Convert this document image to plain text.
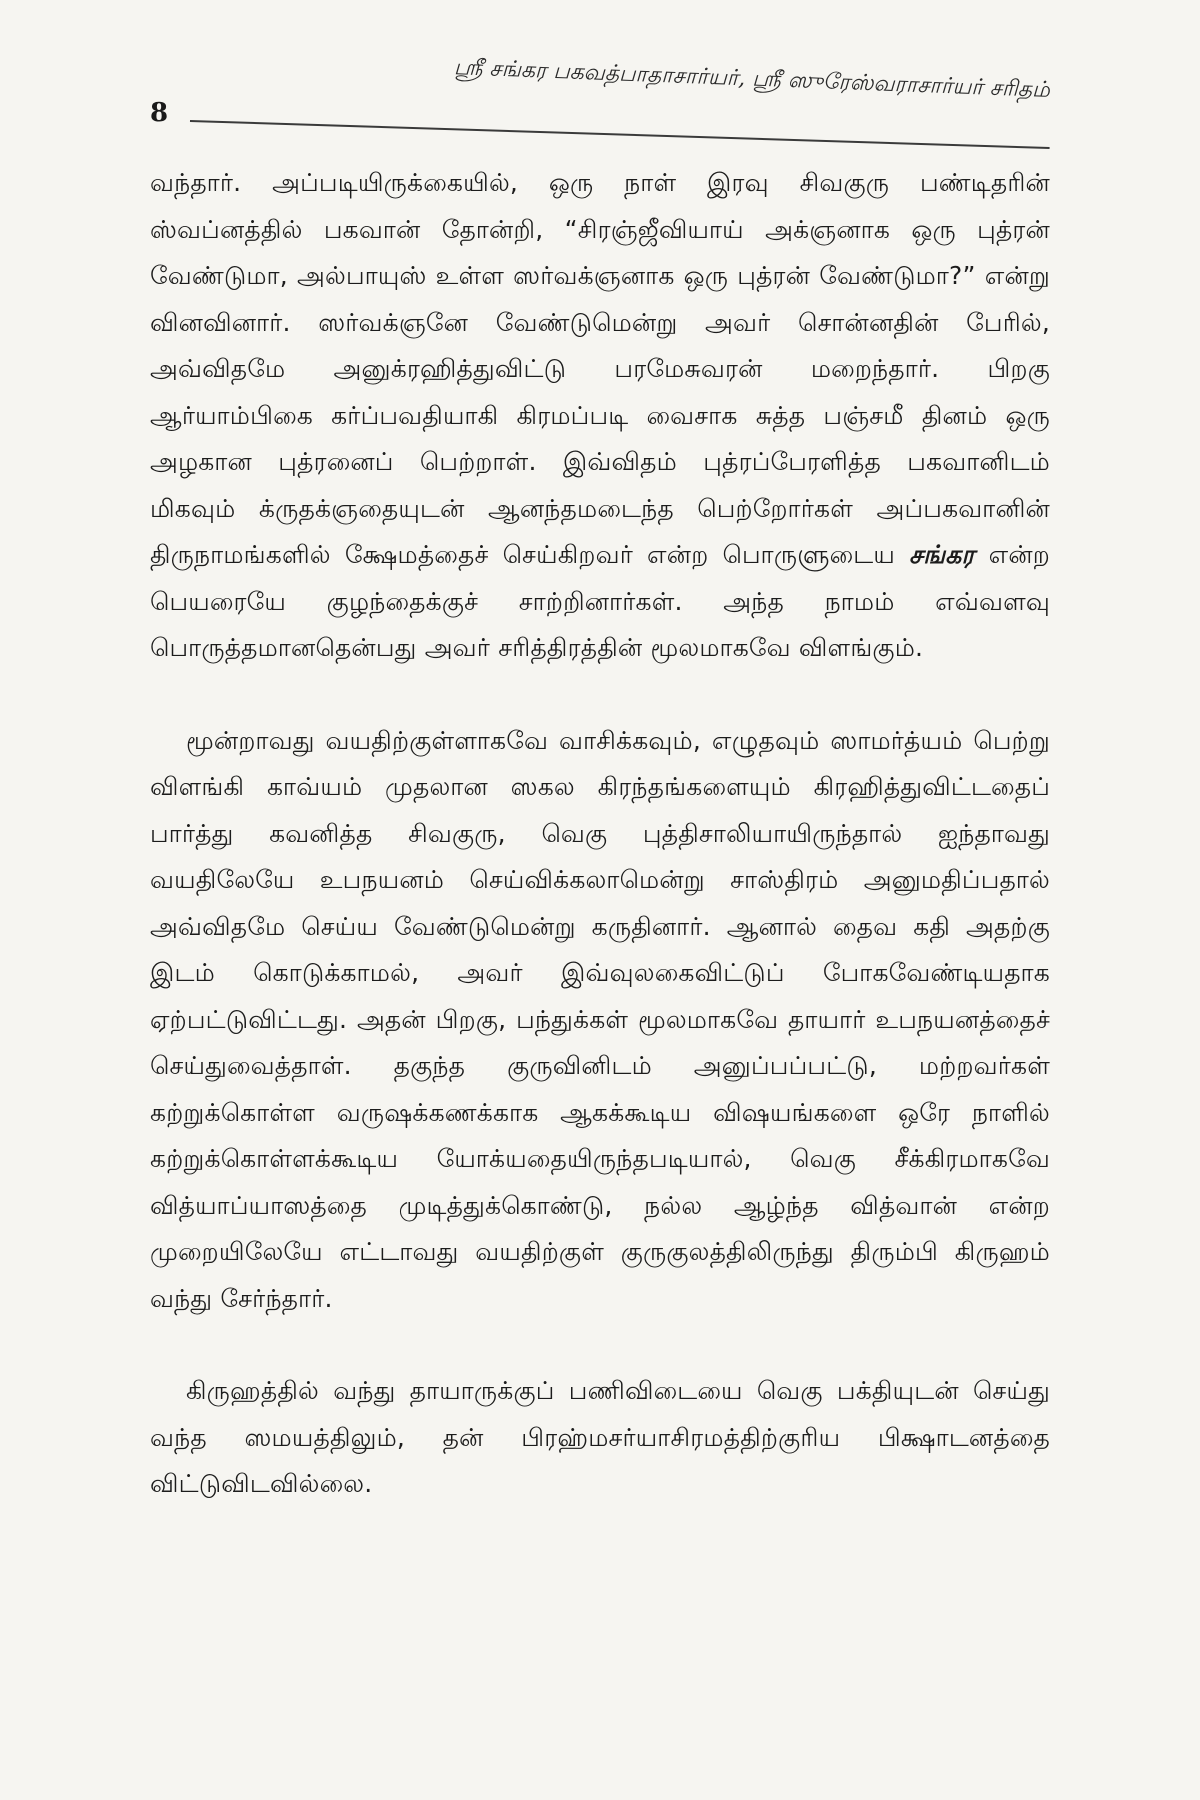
8
ஸ்ரீ சங்கர பகவத்பாதாசார்யர், ஸ்ரீ ஸுரேஸ்வராசார்யர் சரிதம்

வந்தார். அப்படியிருக்கையில், ஒரு நாள் இரவு சிவகுரு பண்டிதரின் ஸ்வப்னத்தில் பகவான் தோன்றி, “சிரஞ்ஜீவியாய் அக்ஞனாக ஒரு புத்ரன் வேண்டுமா, அல்பாயுஸ் உள்ள ஸர்வக்ஞனாக ஒரு புத்ரன் வேண்டுமா?” என்று வினவினார். ஸர்வக்ஞனே வேண்டுமென்று அவர் சொன்னதின் பேரில், அவ்விதமே அனுக்ரஹித்துவிட்டு பரமேசுவரன் மறைந்தார். பிறகு ஆர்யாம்பிகை கர்ப்பவதியாகி கிரமப்படி வைசாக சுத்த பஞ்சமீ தினம் ஒரு அழகான புத்ரனைப் பெற்றாள். இவ்விதம் புத்ரப்பேரளித்த பகவானிடம் மிகவும் க்ருதக்ஞதையுடன் ஆனந்தமடைந்த பெற்றோர்கள் அப்பகவானின் திருநாமங்களில் க்ஷேமத்தைச் செய்கிறவர் என்ற பொருளுடைய சங்கர என்ற பெயரையே குழந்தைக்குச் சாற்றினார்கள். அந்த நாமம் எவ்வளவு பொருத்தமானதென்பது அவர் சரித்திரத்தின் மூலமாகவே விளங்கும்.

மூன்றாவது வயதிற்குள்ளாகவே வாசிக்கவும், எழுதவும் ஸாமர்த்யம் பெற்று விளங்கி காவ்யம் முதலான ஸகல கிரந்தங்களையும் கிரஹித்துவிட்டதைப் பார்த்து கவனித்த சிவகுரு, வெகு புத்திசாலியாயிருந்தால் ஐந்தாவது வயதிலேயே உபநயனம் செய்விக்கலாமென்று சாஸ்திரம் அனுமதிப்பதால் அவ்விதமே செய்ய வேண்டுமென்று கருதினார். ஆனால் தைவ கதி அதற்கு இடம் கொடுக்காமல், அவர் இவ்வுலகைவிட்டுப் போகவேண்டியதாக ஏற்பட்டுவிட்டது. அதன் பிறகு, பந்துக்கள் மூலமாகவே தாயார் உபநயனத்தைச் செய்துவைத்தாள். தகுந்த குருவினிடம் அனுப்பப்பட்டு, மற்றவர்கள் கற்றுக்கொள்ள வருஷக்கணக்காக ஆகக்கூடிய விஷயங்களை ஒரே நாளில் கற்றுக்கொள்ளக்கூடிய யோக்யதையிருந்தபடியால், வெகு சீக்கிரமாகவே வித்யாப்யாஸத்தை முடித்துக்கொண்டு, நல்ல ஆழ்ந்த வித்வான் என்ற முறையிலேயே எட்டாவது வயதிற்குள் குருகுலத்திலிருந்து திரும்பி கிருஹம் வந்து சேர்ந்தார்.

கிருஹத்தில் வந்து தாயாருக்குப் பணிவிடையை வெகு பக்தியுடன் செய்து வந்த ஸமயத்திலும், தன் பிரஹ்மசர்யாசிரமத்திற்குரிய பிக்ஷாடனத்தை விட்டுவிடவில்லை.
